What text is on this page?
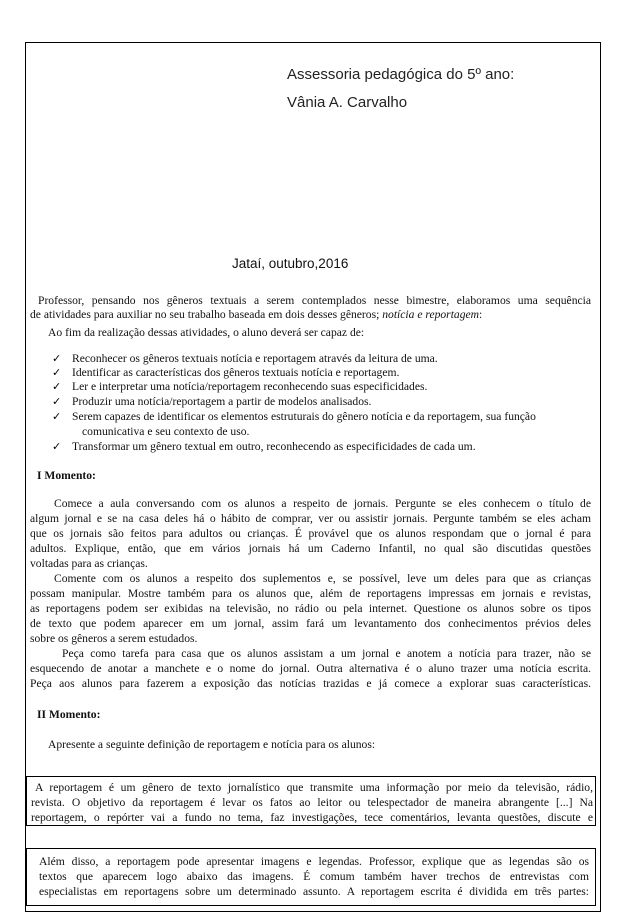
Assessoria pedagógica do 5º ano:
Vânia A. Carvalho
Jataí, outubro,2016
Professor, pensando nos gêneros textuais a serem contemplados nesse bimestre, elaboramos uma sequência
de atividades para auxiliar no seu trabalho baseada em dois desses gêneros; notícia e reportagem:
Ao fim da realização dessas atividades, o aluno deverá ser capaz de:
✓ Reconhecer os gêneros textuais notícia e reportagem através da leitura de uma.
✓ Identificar as características dos gêneros textuais notícia e reportagem.
✓ Ler e interpretar uma notícia/reportagem reconhecendo suas especificidades.
✓ Produzir uma notícia/reportagem a partir de modelos analisados.
✓ Serem capazes de identificar os elementos estruturais do gênero notícia e da reportagem, sua função
comunicativa e seu contexto de uso.
✓ Transformar um gênero textual em outro, reconhecendo as especificidades de cada um.
I Momento:
Comece a aula conversando com os alunos a respeito de jornais. Pergunte se eles conhecem o título de
algum jornal e se na casa deles há o hábito de comprar, ver ou assistir jornais. Pergunte também se eles acham
que os jornais são feitos para adultos ou crianças. É provável que os alunos respondam que o jornal é para
adultos. Explique, então, que em vários jornais há um Caderno Infantil, no qual são discutidas questões
voltadas para as crianças.
Comente com os alunos a respeito dos suplementos e, se possível, leve um deles para que as crianças
possam manipular. Mostre também para os alunos que, além de reportagens impressas em jornais e revistas,
as reportagens podem ser exibidas na televisão, no rádio ou pela internet. Questione os alunos sobre os tipos
de texto que podem aparecer em um jornal, assim fará um levantamento dos conhecimentos prévios deles
sobre os gêneros a serem estudados.
Peça como tarefa para casa que os alunos assistam a um jornal e anotem a notícia para trazer, não se
esquecendo de anotar a manchete e o nome do jornal. Outra alternativa é o aluno trazer uma notícia escrita.
Peça aos alunos para fazerem a exposição das notícias trazidas e já comece a explorar suas características.
II Momento:
Apresente a seguinte definição de reportagem e notícia para os alunos:
A reportagem é um gênero de texto jornalístico que transmite uma informação por meio da televisão, rádio,
revista. O objetivo da reportagem é levar os fatos ao leitor ou telespectador de maneira abrangente [...] Na
reportagem, o repórter vai a fundo no tema, faz investigações, tece comentários, levanta questões, discute e
Além disso, a reportagem pode apresentar imagens e legendas. Professor, explique que as legendas são os
textos que aparecem logo abaixo das imagens. É comum também haver trechos de entrevistas com
especialistas em reportagens sobre um determinado assunto. A reportagem escrita é dividida em três partes:
